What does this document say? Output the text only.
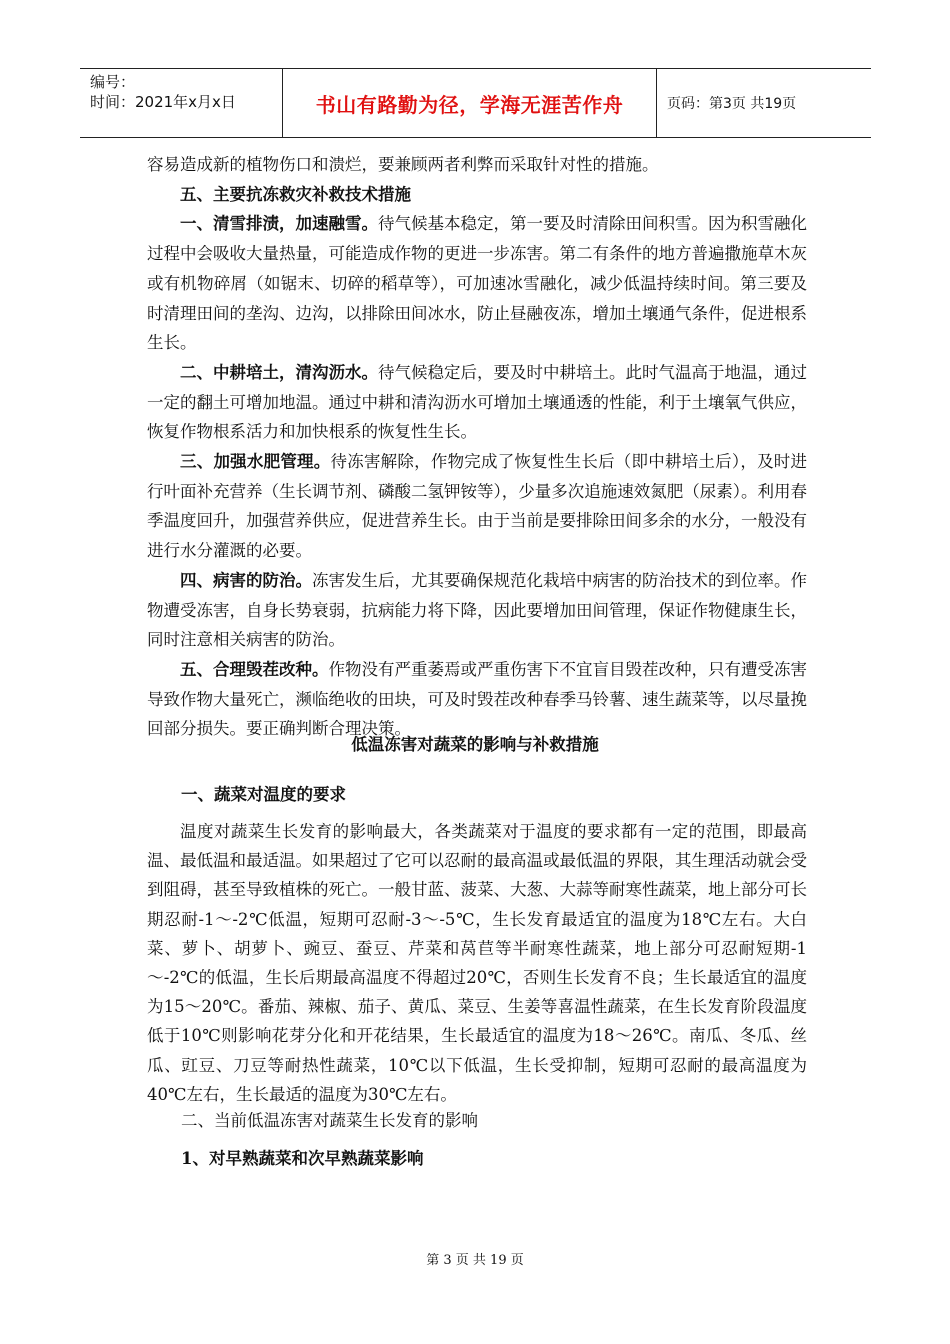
编号：
时间：2021年x月x日	书山有路勤为径，学海无涯苦作舟	页码：第3页 共19页

容易造成新的植物伤口和溃烂，要兼顾两者利弊而采取针对性的措施。

五、主要抗冻救灾补救技术措施

一、清雪排渍，加速融雪。待气候基本稳定，第一要及时清除田间积雪。因为积雪融化过程中会吸收大量热量，可能造成作物的更进一步冻害。第二有条件的地方普遍撒施草木灰或有机物碎屑（如锯末、切碎的稻草等），可加速冰雪融化，减少低温持续时间。第三要及时清理田间的垄沟、边沟，以排除田间冰水，防止昼融夜冻，增加土壤通气条件，促进根系生长。

二、中耕培土，清沟沥水。待气候稳定后，要及时中耕培土。此时气温高于地温，通过一定的翻土可增加地温。通过中耕和清沟沥水可增加土壤通透的性能，利于土壤氧气供应，恢复作物根系活力和加快根系的恢复性生长。

三、加强水肥管理。待冻害解除，作物完成了恢复性生长后（即中耕培土后），及时进行叶面补充营养（生长调节剂、磷酸二氢钾铵等），少量多次追施速效氮肥（尿素）。利用春季温度回升，加强营养供应，促进营养生长。由于当前是要排除田间多余的水分，一般没有进行水分灌溉的必要。

四、病害的防治。冻害发生后，尤其要确保规范化栽培中病害的防治技术的到位率。作物遭受冻害，自身长势衰弱，抗病能力将下降，因此要增加田间管理，保证作物健康生长，同时注意相关病害的防治。

五、合理毁茬改种。作物没有严重萎焉或严重伤害下不宜盲目毁茬改种，只有遭受冻害导致作物大量死亡，濒临绝收的田块，可及时毁茬改种春季马铃薯、速生蔬菜等，以尽量挽回部分损失。要正确判断合理决策。

低温冻害对蔬菜的影响与补救措施
一、蔬菜对温度的要求
温度对蔬菜生长发育的影响最大，各类蔬菜对于温度的要求都有一定的范围，即最高温、最低温和最适温。如果超过了它可以忍耐的最高温或最低温的界限，其生理活动就会受到阻碍，甚至导致植株的死亡。一般甘蓝、菠菜、大葱、大蒜等耐寒性蔬菜，地上部分可长期忍耐-1～-2℃低温，短期可忍耐-3～-5℃，生长发育最适宜的温度为18℃左右。大白菜、萝卜、胡萝卜、豌豆、蚕豆、芹菜和莴苣等半耐寒性蔬菜，地上部分可忍耐短期-1～-2℃的低温，生长后期最高温度不得超过20℃，否则生长发育不良；生长最适宜的温度为15～20℃。番茄、辣椒、茄子、黄瓜、菜豆、生姜等喜温性蔬菜，在生长发育阶段温度低于10℃则影响花芽分化和开花结果，生长最适宜的温度为18～26℃。南瓜、冬瓜、丝瓜、豇豆、刀豆等耐热性蔬菜，10℃以下低温，生长受抑制，短期可忍耐的最高温度为40℃左右，生长最适的温度为30℃左右。
二、当前低温冻害对蔬菜生长发育的影响
1、对早熟蔬菜和次早熟蔬菜影响
第 3 页 共 19 页
